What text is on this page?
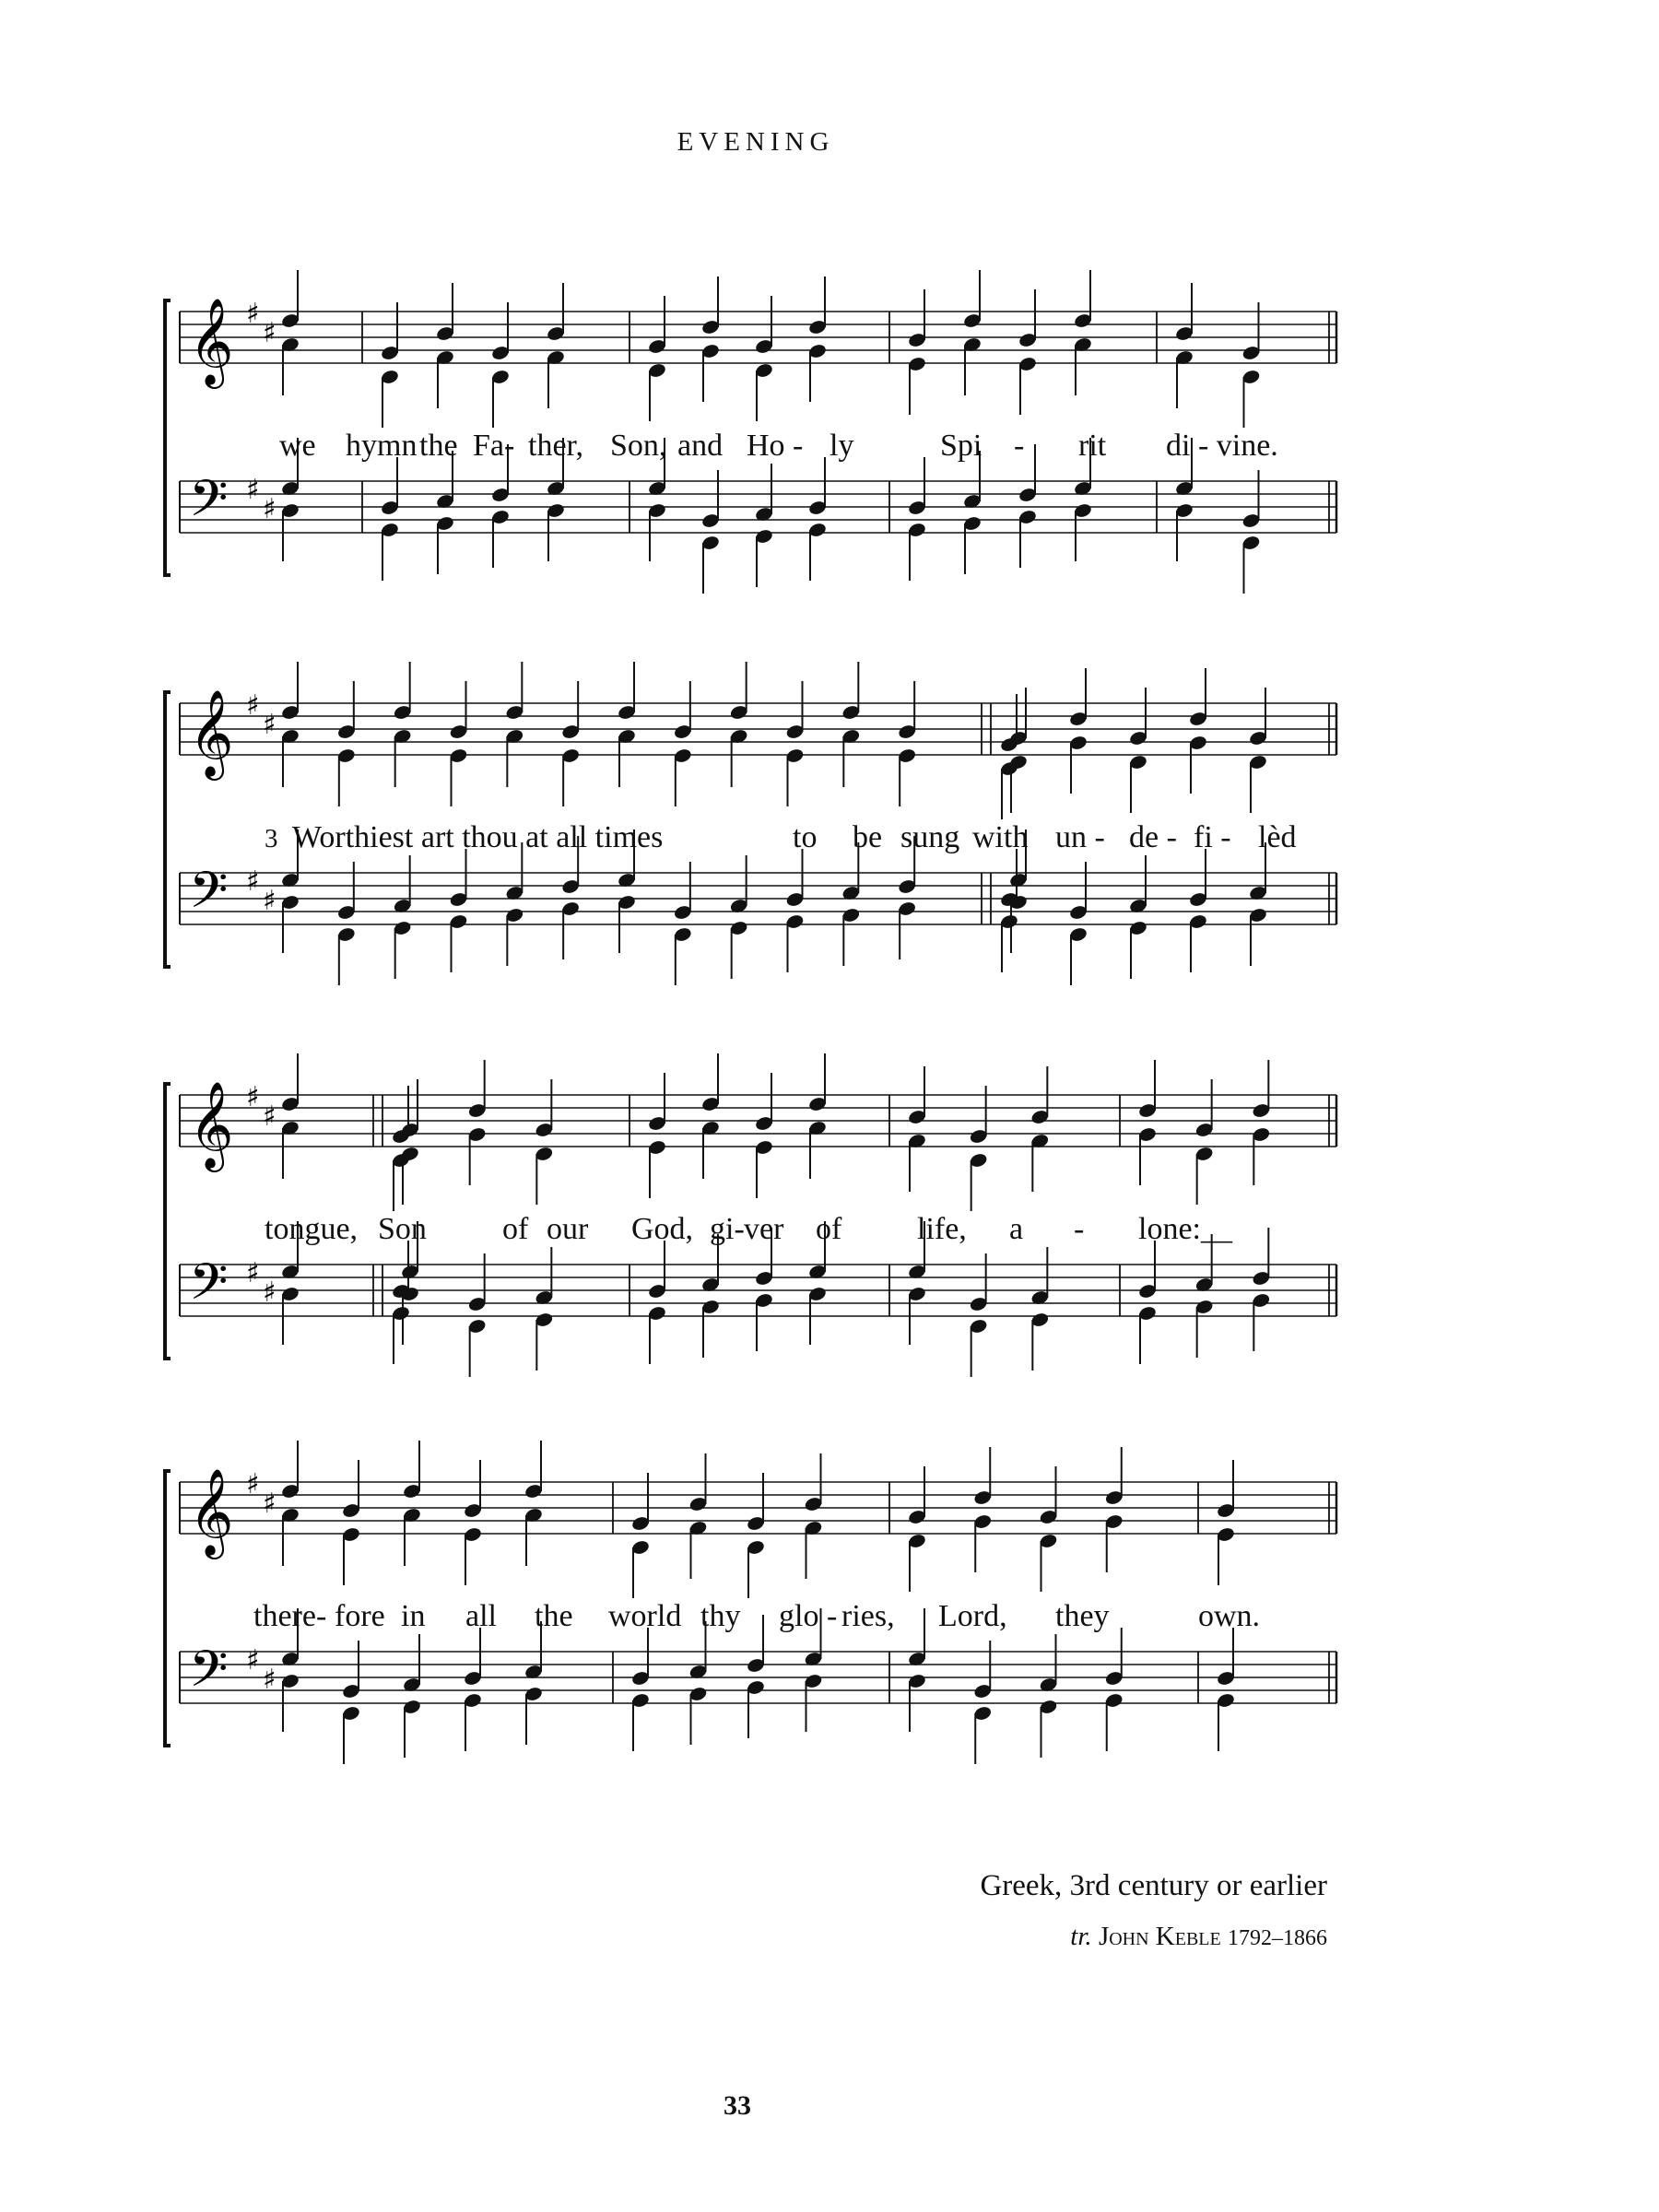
EVENING
𝄞
𝄢
♯
♯
♯
♯
we hymn the Fa- ther, Son, and Ho - ly	Spi - rit di - vine.
𝄞
𝄢
♯
♯
♯
♯
3 Worthiest art thou at all times	to be sung with un - de - fi - lèd
𝄞
𝄢
♯
♯
♯
♯
tongue, Son of our God, gi- ver of life, a - lone:__
𝄞
𝄢
♯
♯
♯
♯
there- fore in all the world thy glo - ries, Lord, they	own.
Greek, 3rd century or earlier
tr. John Keble 1792–1866
33
